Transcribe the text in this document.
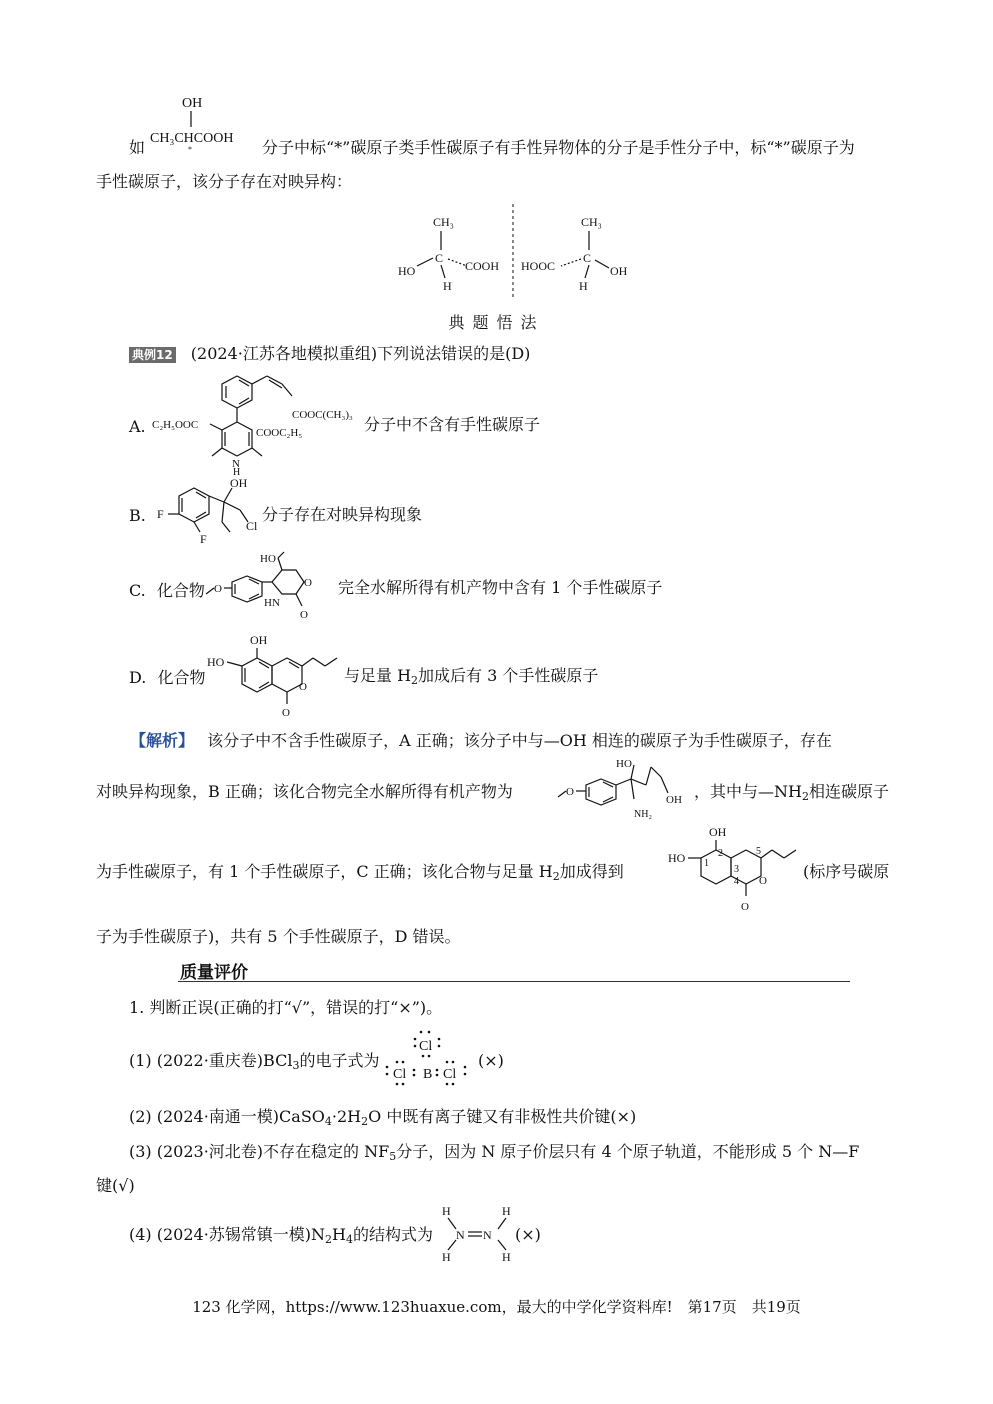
OH
CH₃CHCOOH
*
如	分子中标“*”碳原子类手性碳原子有手性异物体的分子是手性分子中，标“*”碳原子为
手性碳原子，该分子存在对映异构：
CH₃
C
HO	COOH
H
CH₃
C
HOOC	OH
H
典题悟法
典例12 (2024·江苏各地模拟重组)下列说法错误的是(D)
A.
COOC(CH₃)₃
C₂H₅OOC
COOC₂H₅
N
H
分子中不含有手性碳原子
B. F
F
OH
Cl
分子存在对映异构现象
C. 化合物 O
HO
O
HN
O
完全水解所得有机产物中含有 1 个手性碳原子
D. 化合物
OH
HO
O
O
与足量 $H_2$加成后有 3 个手性碳原子
【解析】 该分子中不含手性碳原子，A 正确；该分子中与—OH 相连的碳原子为手性碳原子，存在
对映异构现象，B 正确；该化合物完全水解所得有机产物为	O
HO
OH
NH₂
，其中与$—NH_2$相连碳原子
为手性碳原子，有 1 个手性碳原子，C 正确；该化合物与足量 $H_2$加成得到
OH
HO 1
2
3
4
5
O
O
(标序号碳原
子为手性碳原子)，共有 5 个手性碳原子，D 错误。
质量评价
1. 判断正误(正确的打“√”，错误的打“×”)。
(1) (2022·重庆卷)BCl$_3$的电子式为
Cl
Cl B Cl
(×)
(2) (2024·南通一模)$CaSO_4\cdot 2H_2O$ 中既有离子键又有非极性共价键(×)
(3) (2023·河北卷)不存在稳定的 $NF_5$分子，因为 N 原子价层只有 4 个原子轨道，不能形成 5 个 N—F
键(√)
(4) (2024·苏锡常镇一模)$N_2H_4$的结构式为
H
H
N N
H
H
(×)
123 化学网，https://www.123huaxue.com，最大的中学化学资料库!　第17页　共19页
